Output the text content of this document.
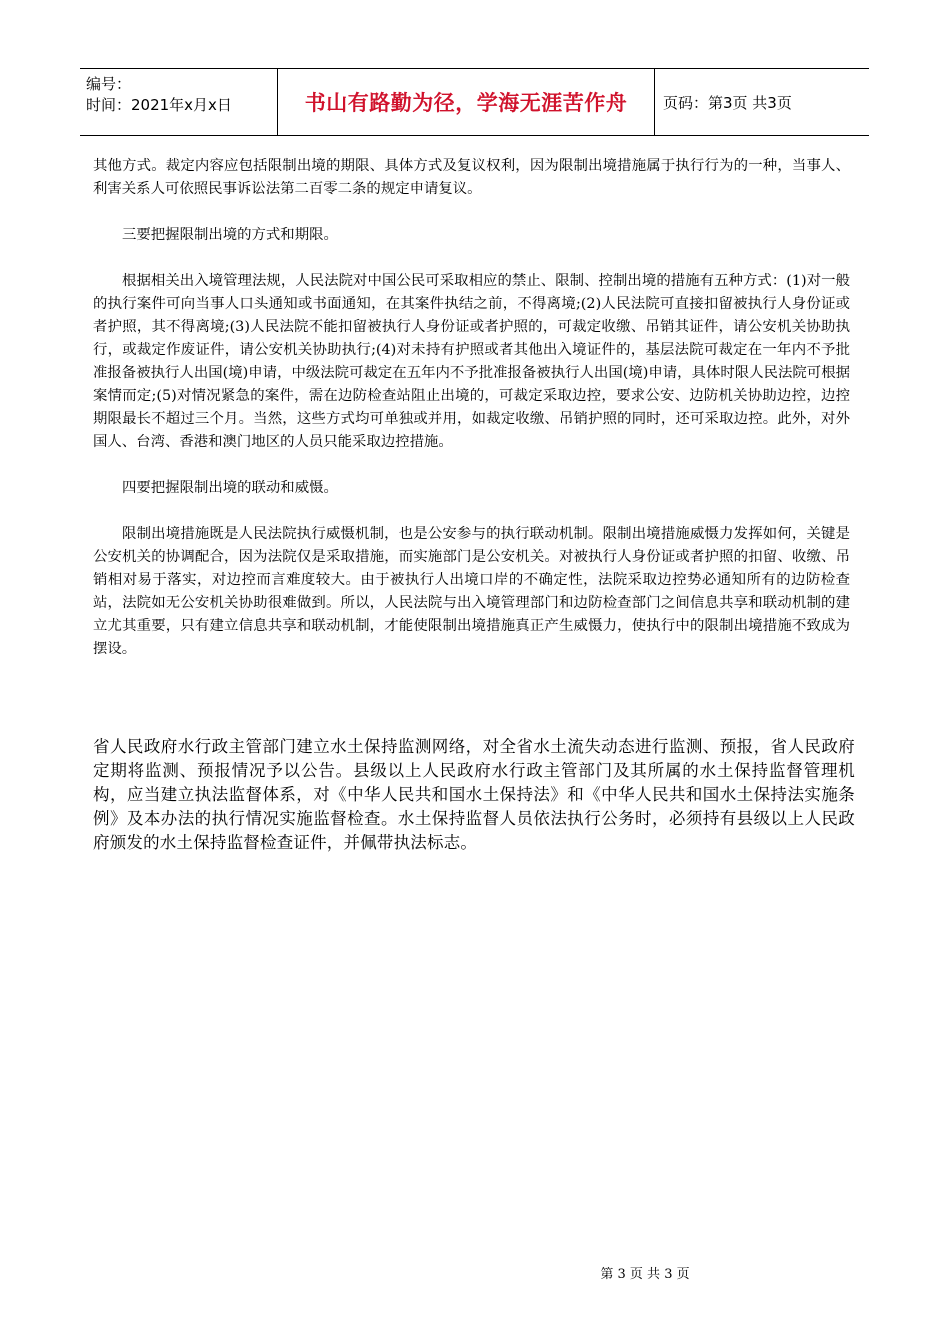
编号：
时间：2021年x月x日	书山有路勤为径，学海无涯苦作舟	页码：第3页 共3页

其他方式。裁定内容应包括限制出境的期限、具体方式及复议权利，因为限制出境措施属于执行行为的一种，当事人、利害关系人可依照民事诉讼法第二百零二条的规定申请复议。

三要把握限制出境的方式和期限。

根据相关出入境管理法规，人民法院对中国公民可采取相应的禁止、限制、控制出境的措施有五种方式：(1)对一般的执行案件可向当事人口头通知或书面通知，在其案件执结之前，不得离境;(2)人民法院可直接扣留被执行人身份证或者护照，其不得离境;(3)人民法院不能扣留被执行人身份证或者护照的，可裁定收缴、吊销其证件，请公安机关协助执行，或裁定作废证件，请公安机关协助执行;(4)对未持有护照或者其他出入境证件的，基层法院可裁定在一年内不予批准报备被执行人出国(境)申请，中级法院可裁定在五年内不予批准报备被执行人出国(境)申请，具体时限人民法院可根据案情而定;(5)对情况紧急的案件，需在边防检查站阻止出境的，可裁定采取边控，要求公安、边防机关协助边控，边控期限最长不超过三个月。当然，这些方式均可单独或并用，如裁定收缴、吊销护照的同时，还可采取边控。此外，对外国人、台湾、香港和澳门地区的人员只能采取边控措施。

四要把握限制出境的联动和威慑。

限制出境措施既是人民法院执行威慑机制，也是公安参与的执行联动机制。限制出境措施威慑力发挥如何，关键是公安机关的协调配合，因为法院仅是采取措施，而实施部门是公安机关。对被执行人身份证或者护照的扣留、收缴、吊销相对易于落实，对边控而言难度较大。由于被执行人出境口岸的不确定性，法院采取边控势必通知所有的边防检查站，法院如无公安机关协助很难做到。所以，人民法院与出入境管理部门和边防检查部门之间信息共享和联动机制的建立尤其重要，只有建立信息共享和联动机制，才能使限制出境措施真正产生威慑力，使执行中的限制出境措施不致成为摆设。

省人民政府水行政主管部门建立水土保持监测网络，对全省水土流失动态进行监测、预报，省人民政府定期将监测、预报情况予以公告。县级以上人民政府水行政主管部门及其所属的水土保持监督管理机构，应当建立执法监督体系，对《中华人民共和国水土保持法》和《中华人民共和国水土保持法实施条例》及本办法的执行情况实施监督检查。水土保持监督人员依法执行公务时，必须持有县级以上人民政府颁发的水土保持监督检查证件，并佩带执法标志。

第 3 页 共 3 页
